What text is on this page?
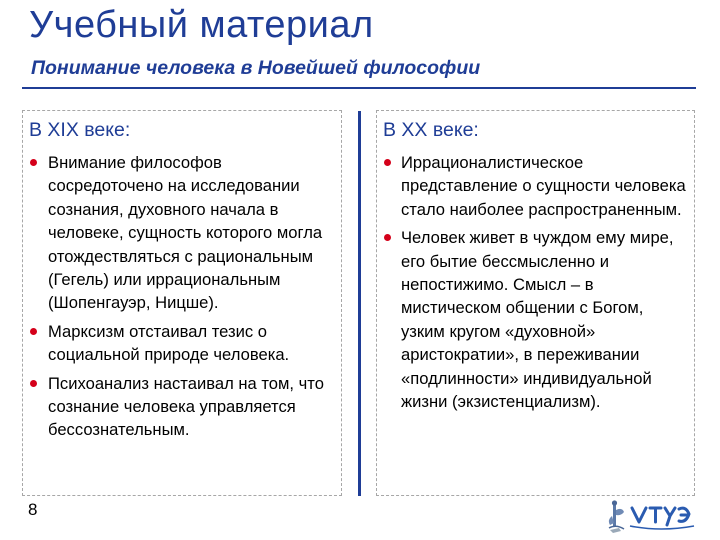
Учебный материал
Понимание человека в Новейшей философии
В XIX веке:
Внимание философов сосредоточено на исследовании сознания, духовного начала в человеке, сущность которого могла отождествляться с рациональным (Гегель) или иррациональным (Шопенгауэр, Ницше).
Марксизм отстаивал тезис о социальной природе человека.
Психоанализ настаивал на том, что сознание человека управляется бессознательным.
В XX веке:
Иррационалистическое представление о сущности человека стало наиболее распространенным.
Человек живет в чуждом ему мире, его бытие бессмысленно и непостижимо. Смысл – в мистическом общении с Богом, узким кругом «духовной» аристократии», в переживании «подлинности» индивидуальной жизни (экзистенциализм).
8
